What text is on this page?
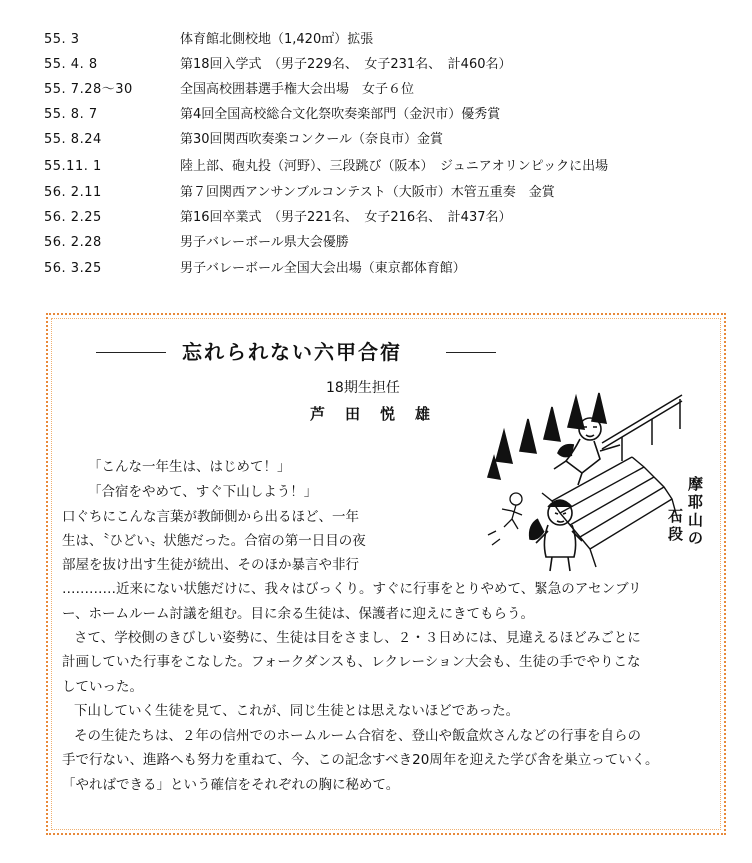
55. 3	体育館北側校地（1,420㎡）拡張
55. 4. 8	第18回入学式　（男子229名、　女子231名、　計460名）
55. 7.28～30	全国高校囲碁選手権大会出場　女子６位
55. 8. 7	第4回全国高校総合文化祭吹奏楽部門（金沢市）優秀賞
55. 8.24	第30回関西吹奏楽コンクール（奈良市）金賞
55.11. 1	陸上部、砲丸投（河野）、三段跳び（阪本）　ジュニアオリンピックに出場
56. 2.11	第７回関西アンサンブルコンテスト（大阪市）木管五重奏　金賞
56. 2.25	第16回卒業式　（男子221名、　女子216名、　計437名）
56. 2.28	男子バレーボール県大会優勝
56. 3.25	男子バレーボール全国大会出場（東京都体育館）
忘れられない六甲合宿
18期生担任
芦田悦雄
摩
耶
山
の
石
段
「こんな一年生は、はじめて！」
「合宿をやめて、すぐ下山しよう！」
口ぐちにこんな言葉が教師側から出るほど、一年
生は、〝ひどい〟状態だった。合宿の第一日目の夜
部屋を抜け出す生徒が続出、そのほか暴言や非行
…………近来にない状態だけに、我々はびっくり。すぐに行事をとりやめて、緊急のアセンブリ
ー、ホームルーム討議を組む。目に余る生徒は、保護者に迎えにきてもらう。
さて、学校側のきびしい姿勢に、生徒は目をさまし、２・３日めには、見違えるほどみごとに
計画していた行事をこなした。フォークダンスも、レクレーション大会も、生徒の手でやりこな
していった。
下山していく生徒を見て、これが、同じ生徒とは思えないほどであった。
その生徒たちは、２年の信州でのホームルーム合宿を、登山や飯盒炊さんなどの行事を自らの
手で行ない、進路へも努力を重ねて、今、この記念すべき20周年を迎えた学び舎を巣立っていく。
「やればできる」という確信をそれぞれの胸に秘めて。
